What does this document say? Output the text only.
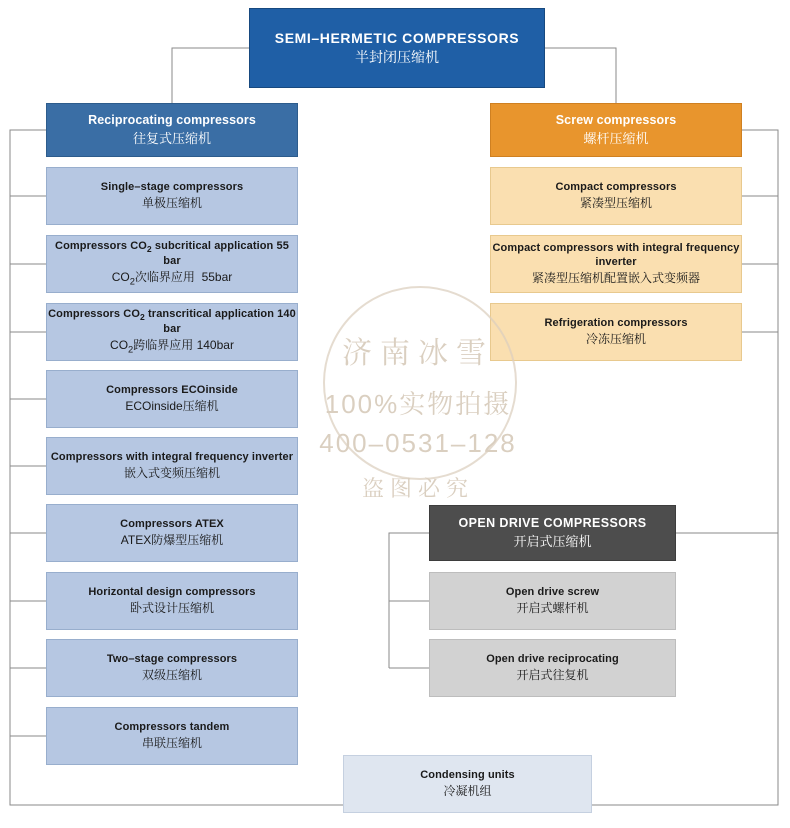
SEMI–HERMETIC COMPRESSORS
半封闭压缩机
Reciprocating compressors
往复式压缩机
Single–stage compressors
单极压缩机
Compressors $CO_2$ subcritical application 55 bar
$CO_2$次临界应用  55bar
Compressors $CO_2$ transcritical application 140 bar
$CO_2$跨临界应用 140bar
Compressors ECOinside
ECOinside压缩机
Compressors with integral frequency inverter
嵌入式变频压缩机
Compressors ATEX
ATEX防爆型压缩机
Horizontal design compressors
卧式设计压缩机
Two–stage compressors
双级压缩机
Compressors tandem
串联压缩机
Screw compressors
螺杆压缩机
Compact compressors
紧凑型压缩机
Compact compressors with integral frequency inverter
紧凑型压缩机配置嵌入式变频器
Refrigeration compressors
冷冻压缩机
OPEN DRIVE COMPRESSORS
开启式压缩机
Open drive screw
开启式螺杆机
Open drive reciprocating
开启式往复机
Condensing units
冷凝机组
济南冰雪
100%实物拍摄
400–0531–128
盗图必究
